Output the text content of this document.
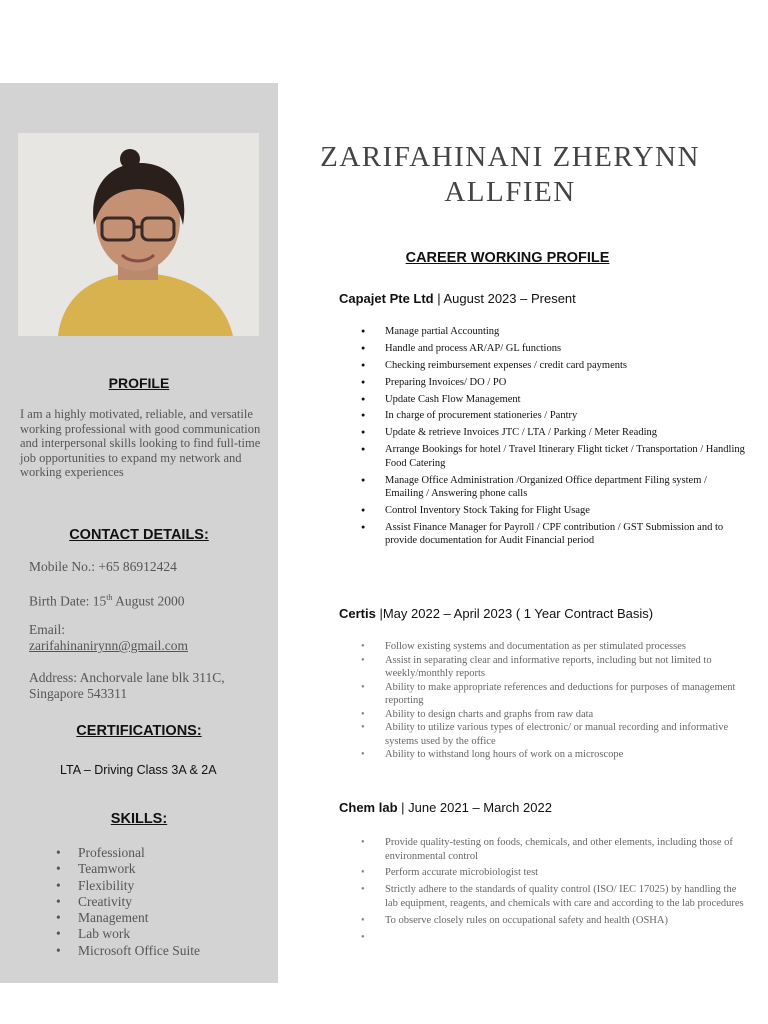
PROFILE
I am a highly motivated, reliable, and versatile working professional with good communication and interpersonal skills looking to find full-time job opportunities to expand my network and working experiences
CONTACT DETAILS:
Mobile No.: +65 86912424
Birth Date: 15th August 2000
Email:
zarifahinanirynn@gmail.com
Address: Anchorvale lane blk 311C, Singapore 543311
CERTIFICATIONS:
LTA – Driving Class 3A & 2A
SKILLS:
• Professional
• Teamwork
• Flexibility
• Creativity
• Management
• Lab work
• Microsoft Office Suite
ZARIFAHINANI ZHERYNN ALLFIEN
CAREER WORKING PROFILE
Capajet Pte Ltd | August 2023 – Present
● Manage partial Accounting
● Handle and process AR/AP/ GL functions
● Checking reimbursement expenses / credit card payments
● Preparing Invoices/ DO / PO
● Update Cash Flow Management
● In charge of procurement stationeries / Pantry
● Update & retrieve Invoices JTC / LTA / Parking / Meter Reading
● Arrange Bookings for hotel / Travel Itinerary Flight ticket / Transportation / Handling Food Catering
● Manage Office Administration /Organized Office department Filing system / Emailing / Answering phone calls
● Control Inventory Stock Taking for Flight Usage
● Assist Finance Manager for Payroll / CPF contribution / GST Submission and to provide documentation for Audit Financial period
Certis |May 2022 – April 2023 ( 1 Year Contract Basis)
● Follow existing systems and documentation as per stimulated processes
● Assist in separating clear and informative reports, including but not limited to weekly/monthly reports
● Ability to make appropriate references and deductions for purposes of management reporting
● Ability to design charts and graphs from raw data
● Ability to utilize various types of electronic/ or manual recording and informative systems used by the office
● Ability to withstand long hours of work on a microscope
Chem lab | June 2021 – March 2022
● Provide quality-testing on foods, chemicals, and other elements, including those of environmental control
● Perform accurate microbiologist test
● Strictly adhere to the standards of quality control (ISO/ IEC 17025) by handling the lab equipment, reagents, and chemicals with care and according to the lab procedures
● To observe closely rules on occupational safety and health (OSHA)
●
